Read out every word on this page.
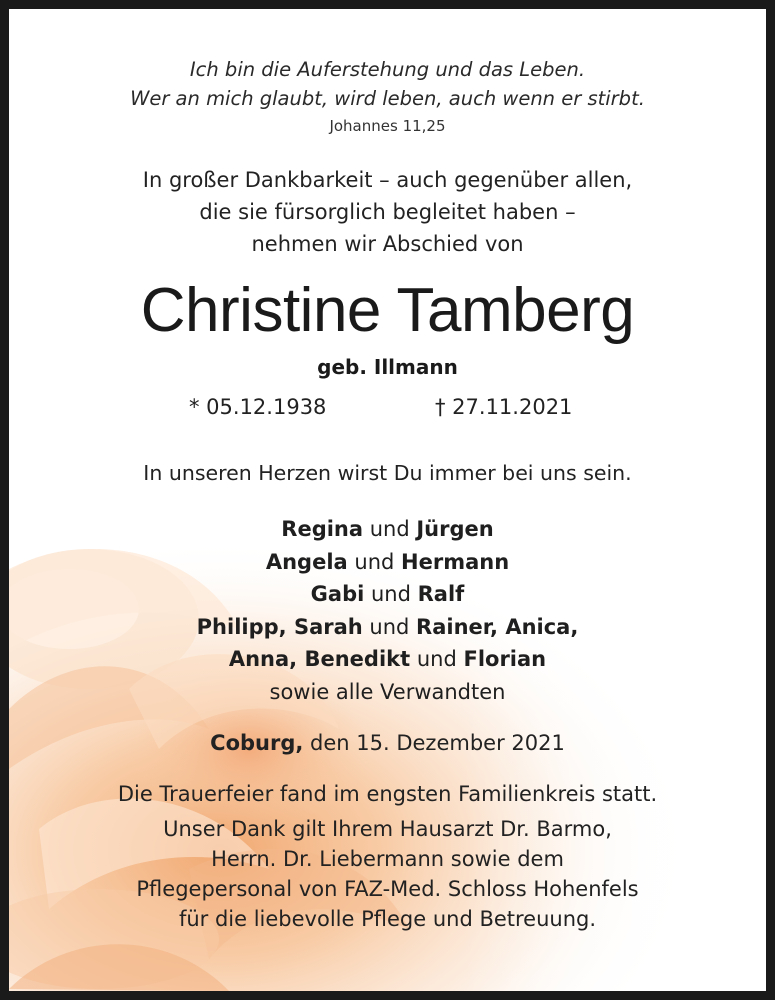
Ich bin die Auferstehung und das Leben.
Wer an mich glaubt, wird leben, auch wenn er stirbt.
Johannes 11,25
In großer Dankbarkeit – auch gegenüber allen,
die sie fürsorglich begleitet haben –
nehmen wir Abschied von
Christine Tamberg
geb. Illmann
* 05.12.1938	† 27.11.2021
In unseren Herzen wirst Du immer bei uns sein.
Regina und Jürgen
Angela und Hermann
Gabi und Ralf
Philipp, Sarah und Rainer, Anica,
Anna, Benedikt und Florian
sowie alle Verwandten
Coburg, den 15. Dezember 2021
Die Trauerfeier fand im engsten Familienkreis statt.
Unser Dank gilt Ihrem Hausarzt Dr. Barmo,
Herrn. Dr. Liebermann sowie dem
Pflegepersonal von FAZ-Med. Schloss Hohenfels
für die liebevolle Pflege und Betreuung.
